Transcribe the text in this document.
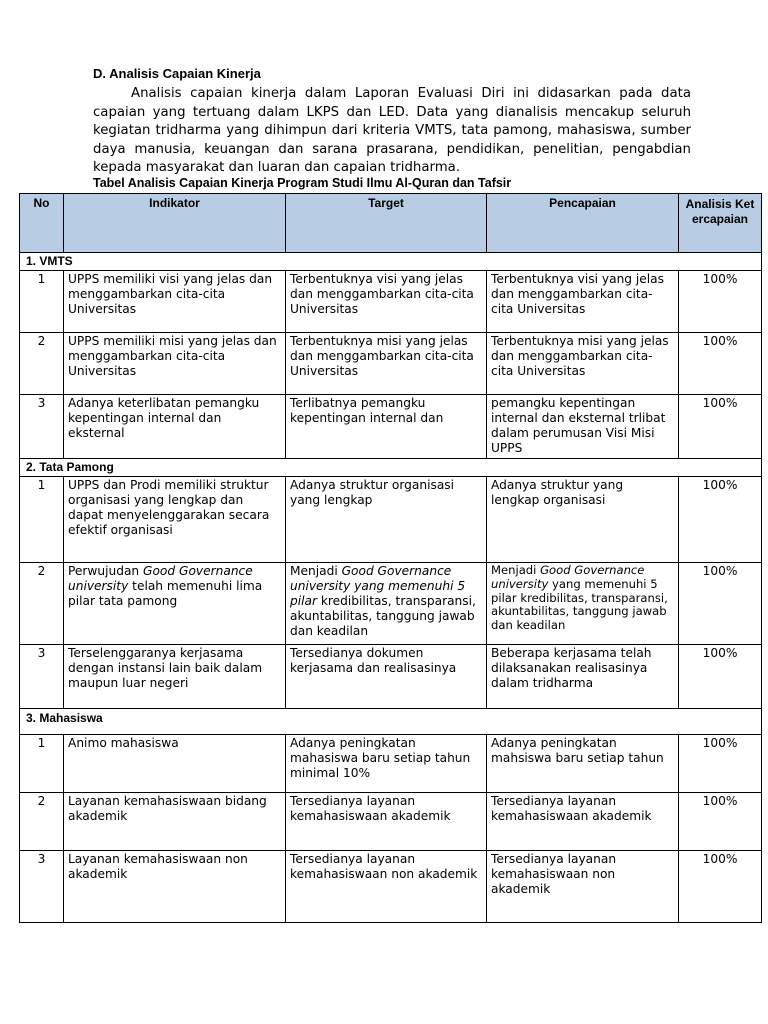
D. Analisis Capaian Kinerja
Analisis capaian kinerja dalam Laporan Evaluasi Diri ini didasarkan pada data capaian yang tertuang dalam LKPS dan LED. Data yang dianalisis mencakup seluruh kegiatan tridharma yang dihimpun dari kriteria VMTS, tata pamong, mahasiswa, sumber daya manusia, keuangan dan sarana prasarana, pendidikan, penelitian, pengabdian kepada masyarakat dan luaran dan capaian tridharma.
Tabel Analisis Capaian Kinerja Program Studi Ilmu Al-Quran dan Tafsir
No	Indikator	Target	Pencapaian	Analisis Ketercapaian
1. VMTS				
1	UPPS memiliki visi yang jelas dan menggambarkan cita-cita Universitas	Terbentuknya visi yang jelas dan menggambarkan cita-cita Universitas	Terbentuknya visi yang jelas dan menggambarkan cita-cita Universitas	100%
2	UPPS memiliki misi yang jelas dan menggambarkan cita-cita Universitas	Terbentuknya misi yang jelas dan menggambarkan cita-cita Universitas	Terbentuknya misi yang jelas dan menggambarkan cita-cita Universitas	100%
3	Adanya keterlibatan pemangku kepentingan internal dan eksternal	Terlibatnya pemangku kepentingan internal dan	pemangku kepentingan internal dan eksternal trlibat dalam perumusan Visi Misi UPPS	100%
2. Tata Pamong				
1	UPPS dan Prodi memiliki struktur organisasi yang lengkap dan dapat menyelenggarakan secara efektif organisasi	Adanya struktur organisasi yang lengkap	Adanya struktur yang lengkap organisasi	100%
2	Perwujudan Good Governance university telah memenuhi lima pilar tata pamong	Menjadi Good Governance university yang memenuhi 5 pilar kredibilitas, transparansi, akuntabilitas, tanggung jawab dan keadilan	Menjadi Good Governance university yang memenuhi 5 pilar kredibilitas, transparansi, akuntabilitas, tanggung jawab dan keadilan	100%
3	Terselenggaranya kerjasama dengan instansi lain baik dalam maupun luar negeri	Tersedianya dokumen kerjasama dan realisasinya	Beberapa kerjasama telah dilaksanakan realisasinya dalam tridharma	100%
3. Mahasiswa				
1	Animo mahasiswa	Adanya peningkatan mahasiswa baru setiap tahun minimal 10%	Adanya peningkatan mahsiswa baru setiap tahun	100%
2	Layanan kemahasiswaan bidang akademik	Tersedianya layanan kemahasiswaan akademik	Tersedianya layanan kemahasiswaan akademik	100%
3	Layanan kemahasiswaan non akademik	Tersedianya layanan kemahasiswaan non akademik	Tersedianya layanan kemahasiswaan non akademik	100%
